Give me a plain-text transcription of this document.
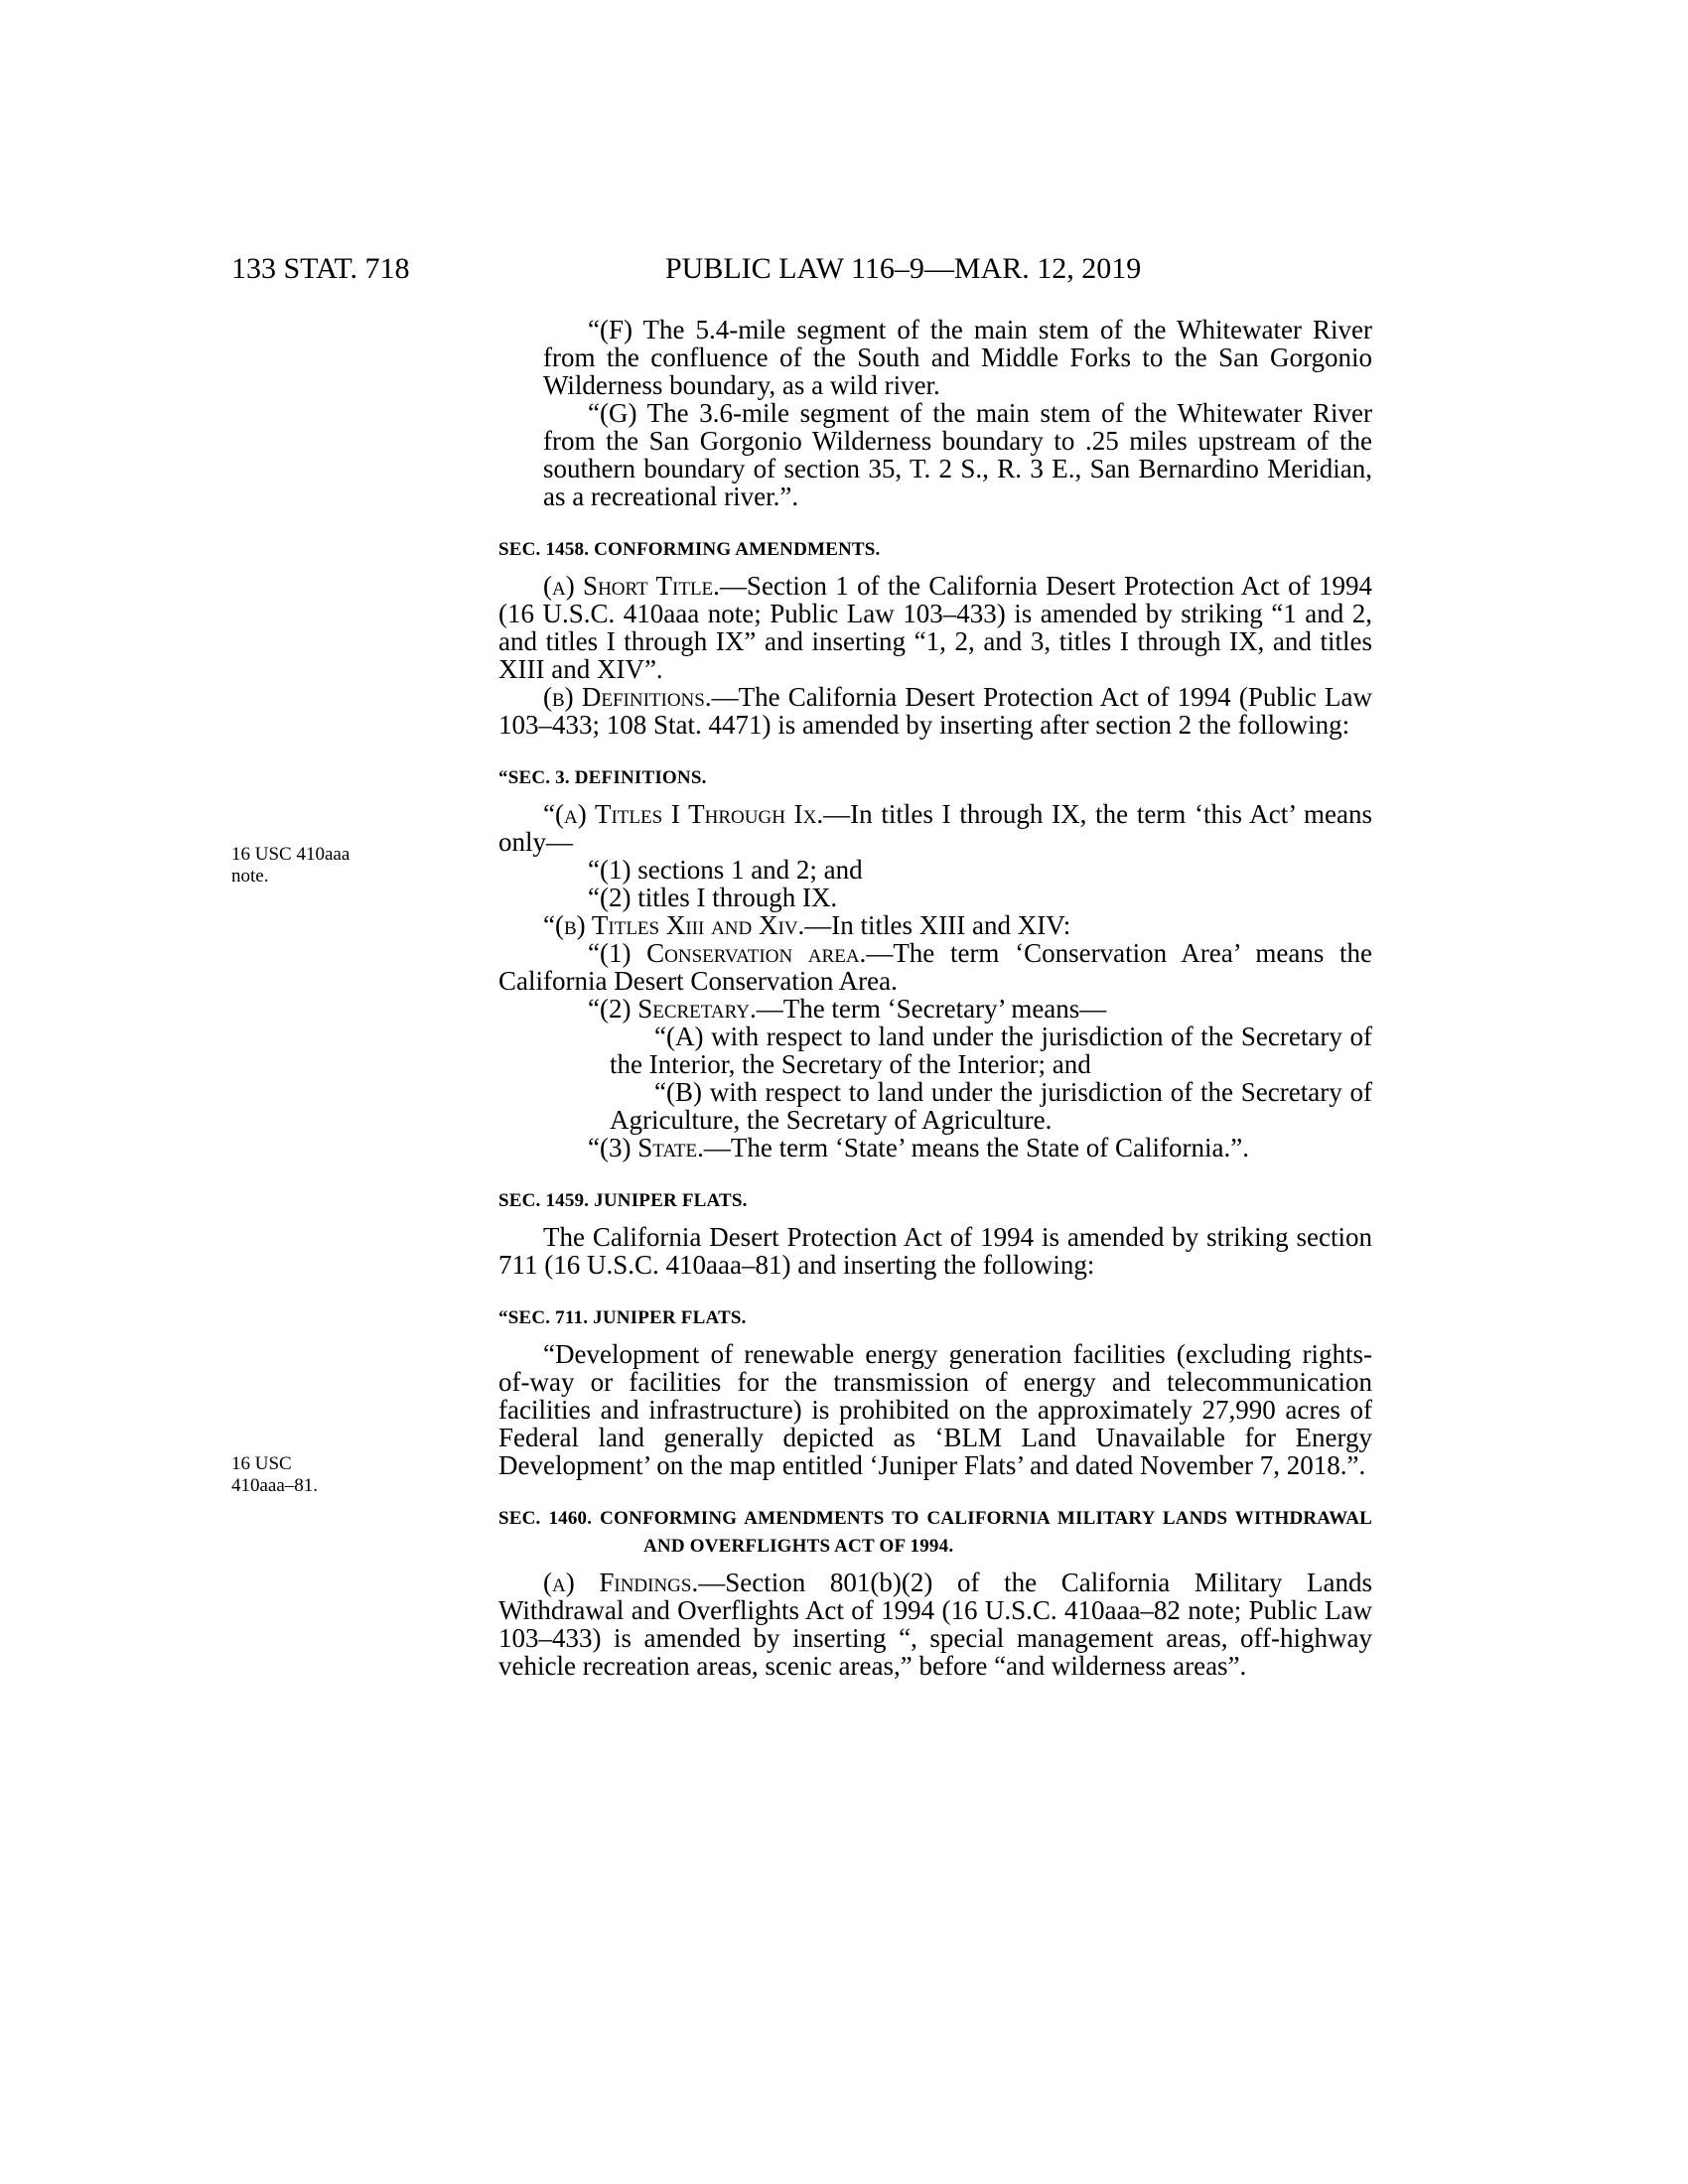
133 STAT. 718	PUBLIC LAW 116–9—MAR. 12, 2019
16 USC 410aaa
note.
16 USC
410aaa–81.

“(F) The 5.4-mile segment of the main stem of the Whitewater River from the confluence of the South and Middle Forks to the San Gorgonio Wilderness boundary, as a wild river.

“(G) The 3.6-mile segment of the main stem of the Whitewater River from the San Gorgonio Wilderness boundary to .25 miles upstream of the southern boundary of section 35, T. 2 S., R. 3 E., San Bernardino Meridian, as a recreational river.”.

SEC. 1458. CONFORMING AMENDMENTS.

(a) Short Title.—Section 1 of the California Desert Protection Act of 1994 (16 U.S.C. 410aaa note; Public Law 103–433) is amended by striking “1 and 2, and titles I through IX” and inserting “1, 2, and 3, titles I through IX, and titles XIII and XIV”.

(b) Definitions.—The California Desert Protection Act of 1994 (Public Law 103–433; 108 Stat. 4471) is amended by inserting after section 2 the following:

“SEC. 3. DEFINITIONS.

“(a) Titles I Through Ix.—In titles I through IX, the term ‘this Act’ means only—

“(1) sections 1 and 2; and

“(2) titles I through IX.

“(b) Titles Xiii and Xiv.—In titles XIII and XIV:

“(1) Conservation area.—The term ‘Conservation Area’ means the California Desert Conservation Area.

“(2) Secretary.—The term ‘Secretary’ means—

“(A) with respect to land under the jurisdiction of the Secretary of the Interior, the Secretary of the Interior; and

“(B) with respect to land under the jurisdiction of the Secretary of Agriculture, the Secretary of Agriculture.

“(3) State.—The term ‘State’ means the State of California.”.

SEC. 1459. JUNIPER FLATS.

The California Desert Protection Act of 1994 is amended by striking section 711 (16 U.S.C. 410aaa–81) and inserting the following:

“SEC. 711. JUNIPER FLATS.

“Development of renewable energy generation facilities (excluding rights-of-way or facilities for the transmission of energy and telecommunication facilities and infrastructure) is prohibited on the approximately 27,990 acres of Federal land generally depicted as ‘BLM Land Unavailable for Energy Development’ on the map entitled ‘Juniper Flats’ and dated November 7, 2018.”.

SEC. 1460. CONFORMING AMENDMENTS TO CALIFORNIA MILITARY LANDS WITHDRAWAL AND OVERFLIGHTS ACT OF 1994.

(a) Findings.—Section 801(b)(2) of the California Military Lands Withdrawal and Overflights Act of 1994 (16 U.S.C. 410aaa–82 note; Public Law 103–433) is amended by inserting “, special management areas, off-highway vehicle recreation areas, scenic areas,” before “and wilderness areas”.
